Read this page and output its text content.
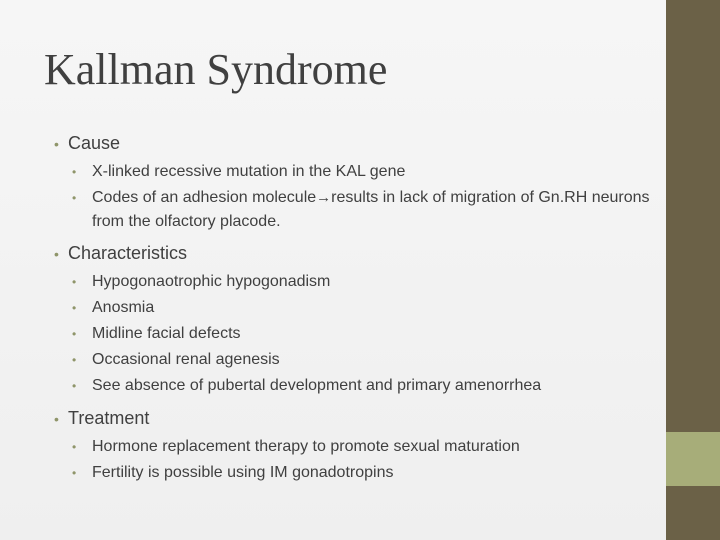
Kallman Syndrome
• Cause
• X-linked recessive mutation in the KAL gene
• Codes of an adhesion molecule→results in lack of migration of Gn.RH neurons from the olfactory placode.
• Characteristics
• Hypogonaotrophic hypogonadism
• Anosmia
• Midline facial defects
• Occasional renal agenesis
• See absence of pubertal development and primary amenorrhea
• Treatment
• Hormone replacement therapy to promote sexual maturation
• Fertility is possible using IM gonadotropins
